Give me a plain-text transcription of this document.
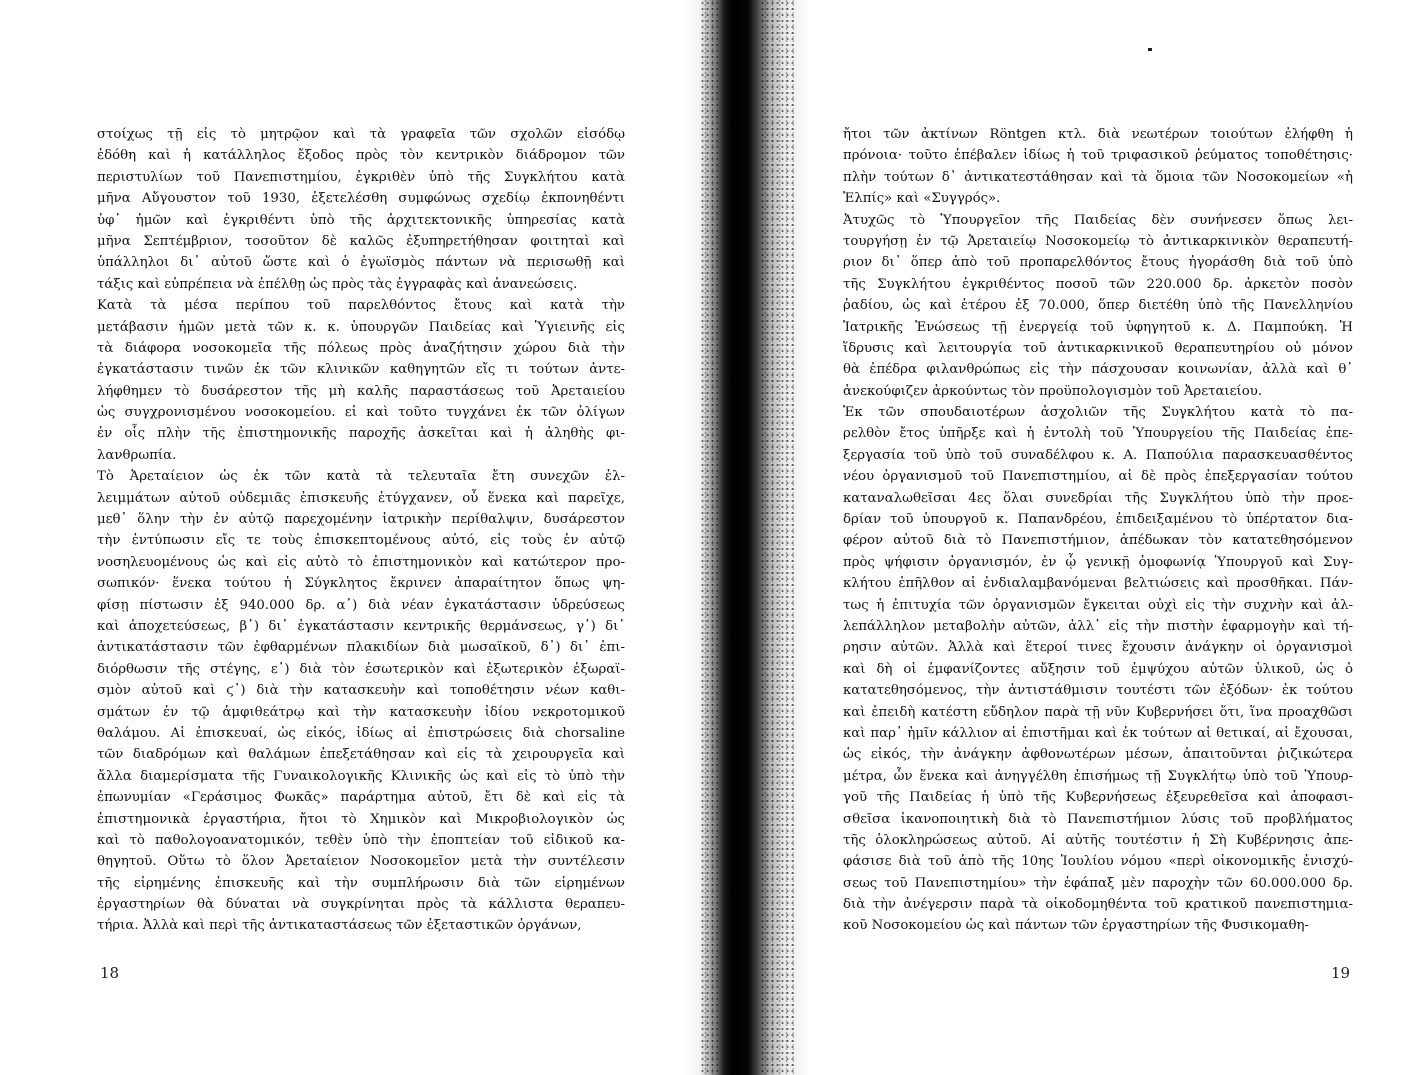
στοίχως τῇ εἰς τὸ μητρῷον καὶ τὰ γραφεῖα τῶν σχολῶν εἰσόδῳ
ἐδόθη καὶ ἡ κατάλληλος ἔξοδος πρὸς τὸν κεντρικὸν διάδρομον τῶν
περιστυλίων τοῦ Πανεπιστημίου, ἐγκριθὲν ὑπὸ τῆς Συγκλήτου κατὰ
μῆνα Αὔγουστον τοῦ 1930, ἐξετελέσθη συμφώνως σχεδίῳ ἐκπονηθέντι
ὑφ᾽ ἡμῶν καὶ ἐγκριθέντι ὑπὸ τῆς ἀρχιτεκτονικῆς ὑπηρεσίας κατὰ
μῆνα Σεπτέμβριον, τοσοῦτον δὲ καλῶς ἐξυπηρετήθησαν φοιτηταὶ καὶ
ὑπάλληλοι δι᾽ αὐτοῦ ὥστε καὶ ὁ ἐγωϊσμὸς πάντων νὰ περισωθῇ καὶ
τάξις καὶ εὐπρέπεια νὰ ἐπέλθῃ ὡς πρὸς τὰς ἐγγραφὰς καὶ ἀνανεώσεις.
Κατὰ τὰ μέσα περίπου τοῦ παρελθόντος ἔτους καὶ κατὰ τὴν
μετάβασιν ἡμῶν μετὰ τῶν κ. κ. ὑπουργῶν Παιδείας καὶ Ὑγιεινῆς εἰς
τὰ διάφορα νοσοκομεῖα τῆς πόλεως πρὸς ἀναζήτησιν χώρου διὰ τὴν
ἐγκατάστασιν τινῶν ἐκ τῶν κλινικῶν καθηγητῶν εἴς τι τούτων ἀντε-
λήφθημεν τὸ δυσάρεστον τῆς μὴ καλῆς παραστάσεως τοῦ Ἀρεταιείου
ὡς συγχρονισμένου νοσοκομείου. εἰ καὶ τοῦτο τυγχάνει ἐκ τῶν ὀλίγων
ἐν οἷς πλὴν τῆς ἐπιστημονικῆς παροχῆς ἀσκεῖται καὶ ἡ ἀληθὴς φι-
λανθρωπία.
Τὸ Ἀρεταίειον ὡς ἐκ τῶν κατὰ τὰ τελευταῖα ἔτη συνεχῶν ἐλ-
λειμμάτων αὐτοῦ οὐδεμιᾶς ἐπισκευῆς ἐτύγχανεν, οὗ ἕνεκα καὶ παρεῖχε,
μεθ᾽ ὅλην τὴν ἐν αὐτῷ παρεχομένην ἰατρικὴν περίθαλψιν, δυσάρεστον
τὴν ἐντύπωσιν εἴς τε τοὺς ἐπισκεπτομένους αὐτό, εἰς τοὺς ἐν αὐτῷ
νοσηλευομένους ὡς καὶ εἰς αὐτὸ τὸ ἐπιστημονικὸν καὶ κατώτερον προ-
σωπικόν· ἕνεκα τούτου ἡ Σύγκλητος ἔκρινεν ἀπαραίτητον ὅπως ψη-
φίσῃ πίστωσιν ἐξ 940.000 δρ. α᾽) διὰ νέαν ἐγκατάστασιν ὑδρεύσεως
καὶ ἀποχετεύσεως, β᾽) δι᾽ ἐγκατάστασιν κεντρικῆς θερμάνσεως, γ᾽) δι᾽
ἀντικατάστασιν τῶν ἐφθαρμένων πλακιδίων διὰ μωσαϊκοῦ, δ᾽) δι᾽ ἐπι-
διόρθωσιν τῆς στέγης, ε᾽) διὰ τὸν ἐσωτερικὸν καὶ ἐξωτερικὸν ἐξωραϊ-
σμὸν αὐτοῦ καὶ ϛ᾽) διὰ τὴν κατασκευὴν καὶ τοποθέτησιν νέων καθι-
σμάτων ἐν τῷ ἀμφιθεάτρῳ καὶ τὴν κατασκευὴν ἰδίου νεκροτομικοῦ
θαλάμου. Αἱ ἐπισκευαί, ὡς εἰκός, ἰδίως αἱ ἐπιστρώσεις διὰ chorsaline
τῶν διαδρόμων καὶ θαλάμων ἐπεξετάθησαν καὶ εἰς τὰ χειρουργεῖα καὶ
ἄλλα διαμερίσματα τῆς Γυναικολογικῆς Κλινικῆς ὡς καὶ εἰς τὸ ὑπὸ τὴν
ἐπωνυμίαν «Γεράσιμος Φωκᾶς» παράρτημα αὐτοῦ, ἔτι δὲ καὶ εἰς τὰ
ἐπιστημονικὰ ἐργαστήρια, ἤτοι τὸ Χημικὸν καὶ Μικροβιολογικὸν ὡς
καὶ τὸ παθολογοανατομικόν, τεθὲν ὑπὸ τὴν ἐποπτείαν τοῦ εἰδικοῦ κα-
θηγητοῦ. Οὕτω τὸ ὅλον Ἀρεταίειον Νοσοκομεῖον μετὰ τὴν συντέλεσιν
τῆς εἰρημένης ἐπισκευῆς καὶ τὴν συμπλήρωσιν διὰ τῶν εἰρημένων
ἐργαστηρίων θὰ δύναται νὰ συγκρίνηται πρὸς τὰ κάλλιστα θεραπευ-
τήρια. Ἀλλὰ καὶ περὶ τῆς ἀντικαταστάσεως τῶν ἐξεταστικῶν ὀργάνων,
18
ἤτοι τῶν ἀκτίνων Röntgen κτλ. διὰ νεωτέρων τοιούτων ἐλήφθη ἡ
πρόνοια· τοῦτο ἐπέβαλεν ἰδίως ἡ τοῦ τριφασικοῦ ῥεύματος τοποθέτησις·
πλὴν τούτων δ᾽ ἀντικατεστάθησαν καὶ τὰ ὅμοια τῶν Νοσοκομείων «ἡ
Ἐλπίς» καὶ «Συγγρός».
Ἀτυχῶς τὸ Ὑπουργεῖον τῆς Παιδείας δὲν συνήνεσεν ὅπως λει-
τουργήσῃ ἐν τῷ Ἀρεταιείῳ Νοσοκομείῳ τὸ ἀντικαρκινικὸν θεραπευτή-
ριον δι᾽ ὅπερ ἀπὸ τοῦ προπαρελθόντος ἔτους ἠγοράσθη διὰ τοῦ ὑπὸ
τῆς Συγκλήτου ἐγκριθέντος ποσοῦ τῶν 220.000 δρ. ἀρκετὸν ποσὸν
ῥαδίου, ὡς καὶ ἑτέρου ἐξ 70.000, ὅπερ διετέθη ὑπὸ τῆς Πανελληνίου
Ἰατρικῆς Ἑνώσεως τῇ ἐνεργείᾳ τοῦ ὑφηγητοῦ κ. Δ. Παμπούκη. Ἡ
ἵδρυσις καὶ λειτουργία τοῦ ἀντικαρκινικοῦ θεραπευτηρίου οὐ μόνον
θὰ ἐπέδρα φιλανθρώπως εἰς τὴν πάσχουσαν κοινωνίαν, ἀλλὰ καὶ θ᾽
ἀνεκούφιζεν ἀρκούντως τὸν προϋπολογισμὸν τοῦ Ἀρεταιείου.
Ἐκ τῶν σπουδαιοτέρων ἀσχολιῶν τῆς Συγκλήτου κατὰ τὸ πα-
ρελθὸν ἔτος ὑπῆρξε καὶ ἡ ἐντολὴ τοῦ Ὑπουργείου τῆς Παιδείας ἐπε-
ξεργασία τοῦ ὑπὸ τοῦ συναδέλφου κ. Α. Παπούλια παρασκευασθέντος
νέου ὀργανισμοῦ τοῦ Πανεπιστημίου, αἱ δὲ πρὸς ἐπεξεργασίαν τούτου
καταναλωθεῖσαι 4ες ὅλαι συνεδρίαι τῆς Συγκλήτου ὑπὸ τὴν προε-
δρίαν τοῦ ὑπουργοῦ κ. Παπανδρέου, ἐπιδειξαμένου τὸ ὑπέρτατον δια-
φέρον αὐτοῦ διὰ τὸ Πανεπιστήμιον, ἀπέδωκαν τὸν κατατεθησόμενον
πρὸς ψήφισιν ὀργανισμόν, ἐν ᾧ γενικῇ ὁμοφωνίᾳ Ὑπουργοῦ καὶ Συγ-
κλήτου ἐπῆλθον αἱ ἐνδιαλαμβανόμεναι βελτιώσεις καὶ προσθῆκαι. Πάν-
τως ἡ ἐπιτυχία τῶν ὀργανισμῶν ἔγκειται οὐχὶ εἰς τὴν συχνὴν καὶ ἀλ-
λεπάλληλον μεταβολὴν αὐτῶν, ἀλλ᾽ εἰς τὴν πιστὴν ἐφαρμογὴν καὶ τή-
ρησιν αὐτῶν. Ἀλλὰ καὶ ἕτεροί τινες ἔχουσιν ἀνάγκην οἱ ὀργανισμοὶ
καὶ δὴ οἱ ἐμφανίζοντες αὔξησιν τοῦ ἐμψύχου αὐτῶν ὑλικοῦ, ὡς ὁ
κατατεθησόμενος, τὴν ἀντιστάθμισιν τουτέστι τῶν ἐξόδων· ἐκ τούτου
καὶ ἐπειδὴ κατέστη εὔδηλον παρὰ τῇ νῦν Κυβερνήσει ὅτι, ἵνα προαχθῶσι
καὶ παρ᾽ ἡμῖν κάλλιον αἱ ἐπιστῆμαι καὶ ἐκ τούτων αἱ θετικαί, αἱ ἔχουσαι,
ὡς εἰκός, τὴν ἀνάγκην ἀφθονωτέρων μέσων, ἀπαιτοῦνται ῥιζικώτερα
μέτρα, ὧν ἕνεκα καὶ ἀνηγγέλθη ἐπισήμως τῇ Συγκλήτῳ ὑπὸ τοῦ Ὑπουρ-
γοῦ τῆς Παιδείας ἡ ὑπὸ τῆς Κυβερνήσεως ἐξευρεθεῖσα καὶ ἀποφασι-
σθεῖσα ἱκανοποιητικὴ διὰ τὸ Πανεπιστήμιον λύσις τοῦ προβλήματος
τῆς ὁλοκληρώσεως αὐτοῦ. Αἱ αὐτῆς τουτέστιν ἡ Σὴ Κυβέρνησις ἀπε-
φάσισε διὰ τοῦ ἀπὸ τῆς 10ης Ἰουλίου νόμου «περὶ οἰκονομικῆς ἐνισχύ-
σεως τοῦ Πανεπιστημίου» τὴν ἐφάπαξ μὲν παροχὴν τῶν 60.000.000 δρ.
διὰ τὴν ἀνέγερσιν παρὰ τὰ οἰκοδομηθέντα τοῦ κρατικοῦ πανεπιστημια-
κοῦ Νοσοκομείου ὡς καὶ πάντων τῶν ἐργαστηρίων τῆς Φυσικομαθη-
19
